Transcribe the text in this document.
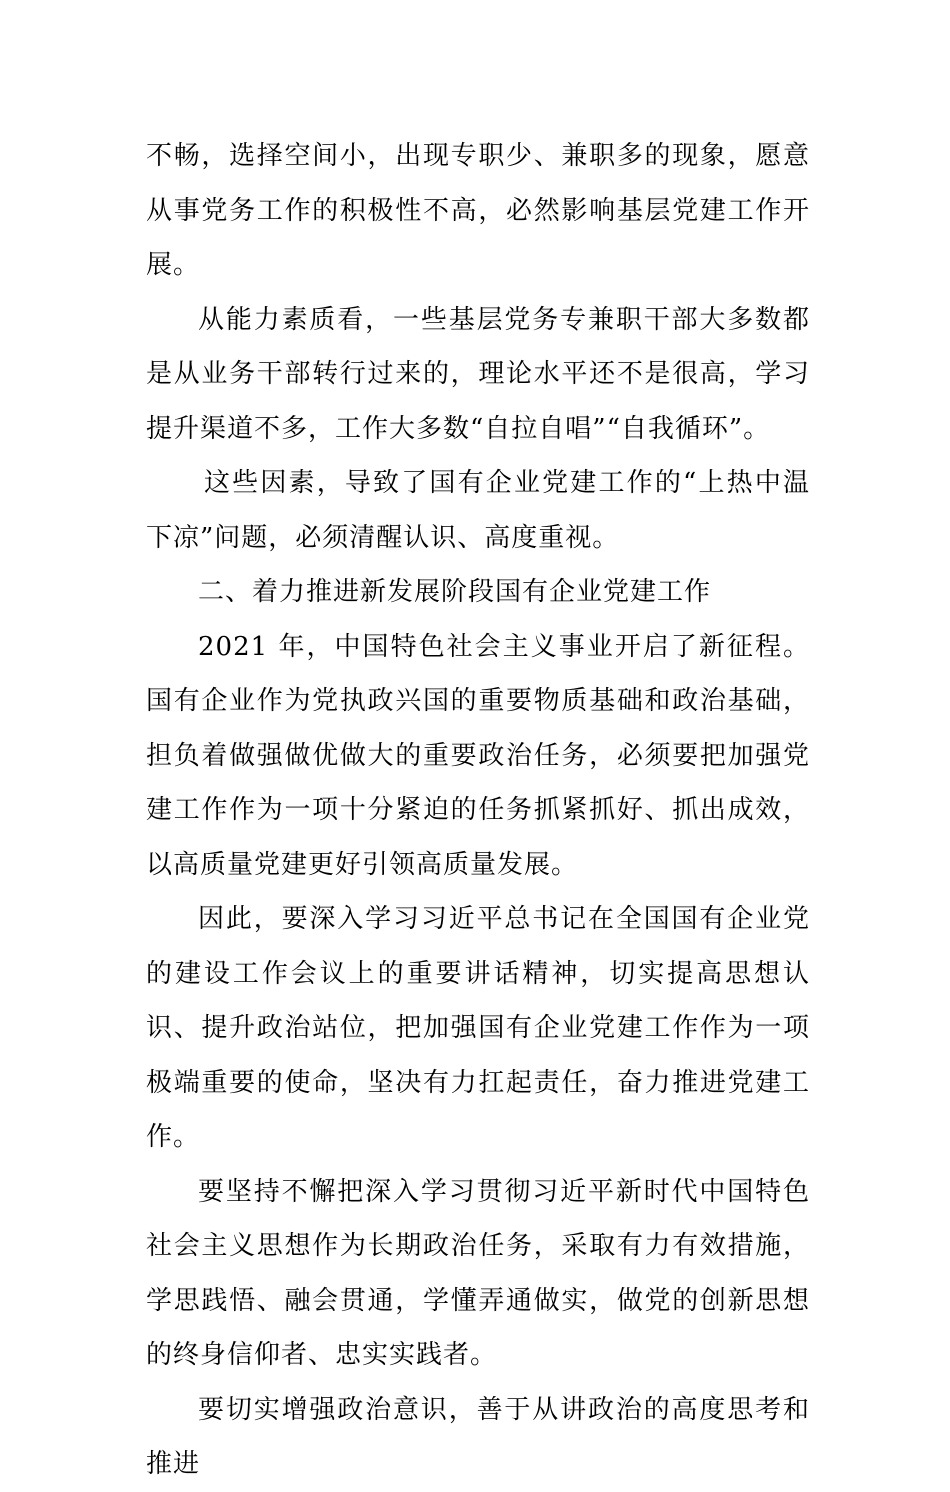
不畅，选择空间小，出现专职少、兼职多的现象，愿意从事党务工作的积极性不高，必然影响基层党建工作开展。

从能力素质看，一些基层党务专兼职干部大多数都是从业务干部转行过来的，理论水平还不是很高，学习提升渠道不多，工作大多数“自拉自唱”“自我循环”。

这些因素，导致了国有企业党建工作的“上热中温下凉”问题，必须清醒认识、高度重视。

二、着力推进新发展阶段国有企业党建工作

2021 年，中国特色社会主义事业开启了新征程。国有企业作为党执政兴国的重要物质基础和政治基础，担负着做强做优做大的重要政治任务，必须要把加强党建工作作为一项十分紧迫的任务抓紧抓好、抓出成效，以高质量党建更好引领高质量发展。

因此，要深入学习习近平总书记在全国国有企业党的建设工作会议上的重要讲话精神，切实提高思想认识、提升政治站位，把加强国有企业党建工作作为一项极端重要的使命，坚决有力扛起责任，奋力推进党建工作。

要坚持不懈把深入学习贯彻习近平新时代中国特色社会主义思想作为长期政治任务，采取有力有效措施，学思践悟、融会贯通，学懂弄通做实，做党的创新思想的终身信仰者、忠实实践者。

要切实增强政治意识，善于从讲政治的高度思考和推进
